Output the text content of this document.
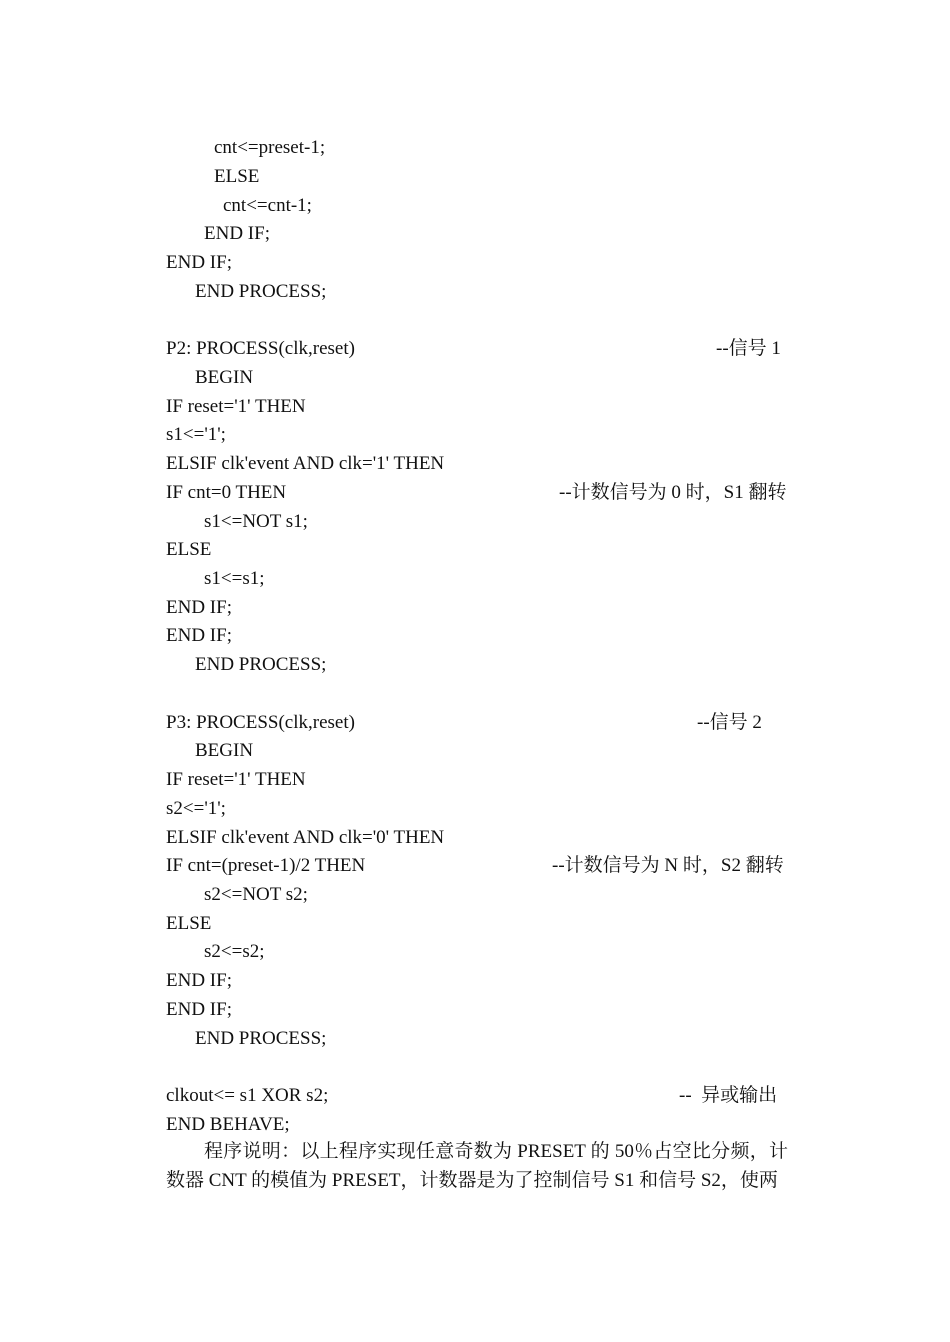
cnt<=preset-1;
ELSE
cnt<=cnt-1;
END IF;
END IF;
END PROCESS;
P2: PROCESS(clk,reset)	--信号 1
BEGIN
IF reset='1' THEN
s1<='1';
ELSIF clk'event AND clk='1' THEN
IF cnt=0 THEN	--计数信号为 0 时，S1 翻转
s1<=NOT s1;
ELSE
s1<=s1;
END IF;
END IF;
END PROCESS;
P3: PROCESS(clk,reset)	--信号 2
BEGIN
IF reset='1' THEN
s2<='1';
ELSIF clk'event AND clk='0' THEN
IF cnt=(preset-1)/2 THEN	--计数信号为 N 时，S2 翻转
s2<=NOT s2;
ELSE
s2<=s2;
END IF;
END IF;
END PROCESS;
clkout<= s1 XOR s2;	--  异或输出
END BEHAVE;
程序说明：以上程序实现任意奇数为 PRESET 的 50％占空比分频，计数器 CNT 的模值为 PRESET，计数器是为了控制信号 S1 和信号 S2，使两
